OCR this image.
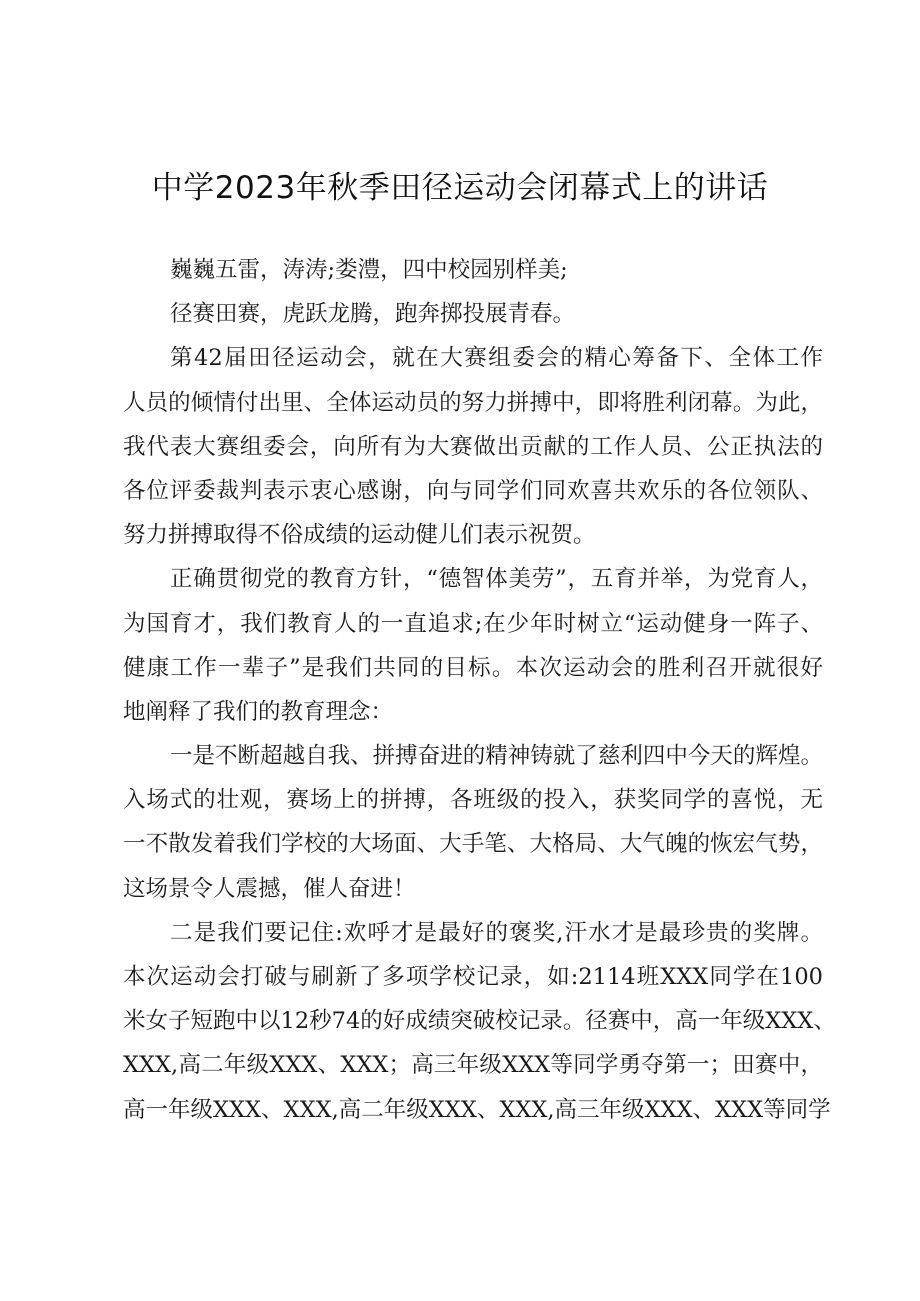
中学2023年秋季田径运动会闭幕式上的讲话
巍巍五雷，涛涛;娄澧，四中校园别样美;
径赛田赛，虎跃龙腾，跑奔掷投展青春。
第42届田径运动会，就在大赛组委会的精心筹备下、全体工作
人员的倾情付出里、全体运动员的努力拼搏中，即将胜利闭幕。为此，
我代表大赛组委会，向所有为大赛做出贡献的工作人员、公正执法的
各位评委裁判表示衷心感谢，向与同学们同欢喜共欢乐的各位领队、
努力拼搏取得不俗成绩的运动健儿们表示祝贺。
正确贯彻党的教育方针，“德智体美劳”，五育并举，为党育人，
为国育才，我们教育人的一直追求;在少年时树立“运动健身一阵子、
健康工作一辈子”是我们共同的目标。本次运动会的胜利召开就很好
地阐释了我们的教育理念：
一是不断超越自我、拼搏奋进的精神铸就了慈利四中今天的辉煌。
入场式的壮观，赛场上的拼搏，各班级的投入，获奖同学的喜悦，无
一不散发着我们学校的大场面、大手笔、大格局、大气魄的恢宏气势，
这场景令人震撼，催人奋进！
二是我们要记住:欢呼才是最好的褒奖,汗水才是最珍贵的奖牌。
本次运动会打破与刷新了多项学校记录，如:2114班XXX同学在100
米女子短跑中以12秒74的好成绩突破校记录。径赛中，高一年级XXX、
XXX,高二年级XXX、XXX；高三年级XXX等同学勇夺第一；田赛中，
高一年级XXX、XXX,高二年级XXX、XXX,高三年级XXX、XXX等同学
